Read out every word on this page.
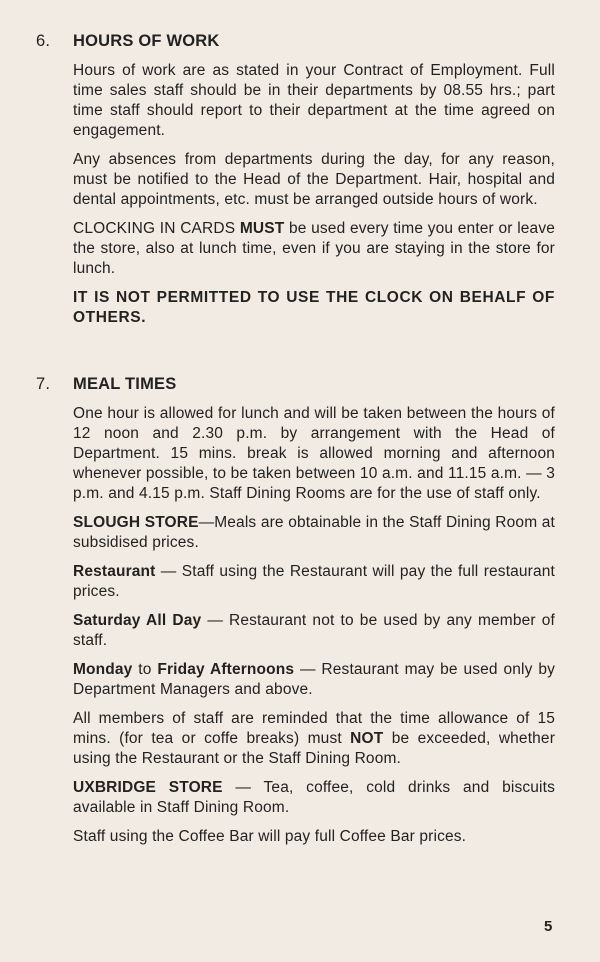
6.	HOURS OF WORK

Hours of work are as stated in your Contract of Employment. Full time sales staff should be in their departments by 08.55 hrs.; part time staff should report to their department at the time agreed on engagement.

Any absences from departments during the day, for any reason, must be notified to the Head of the Department. Hair, hospital and dental appointments, etc. must be arranged outside hours of work.

CLOCKING IN CARDS MUST be used every time you enter or leave the store, also at lunch time, even if you are staying in the store for lunch.

IT IS NOT PERMITTED TO USE THE CLOCK ON BEHALF OF OTHERS.

7.	MEAL TIMES

One hour is allowed for lunch and will be taken between the hours of 12 noon and 2.30 p.m. by arrangement with the Head of Department. 15 mins. break is allowed morning and afternoon whenever possible, to be taken between 10 a.m. and 11.15 a.m. — 3 p.m. and 4.15 p.m. Staff Dining Rooms are for the use of staff only.

SLOUGH STORE—Meals are obtainable in the Staff Dining Room at subsidised prices.

Restaurant — Staff using the Restaurant will pay the full restaurant prices.

Saturday All Day — Restaurant not to be used by any member of staff.

Monday to Friday Afternoons — Restaurant may be used only by Department Managers and above.

All members of staff are reminded that the time allowance of 15 mins. (for tea or coffe breaks) must NOT be exceeded, whether using the Restaurant or the Staff Dining Room.

UXBRIDGE STORE — Tea, coffee, cold drinks and biscuits available in Staff Dining Room.

Staff using the Coffee Bar will pay full Coffee Bar prices.

5
